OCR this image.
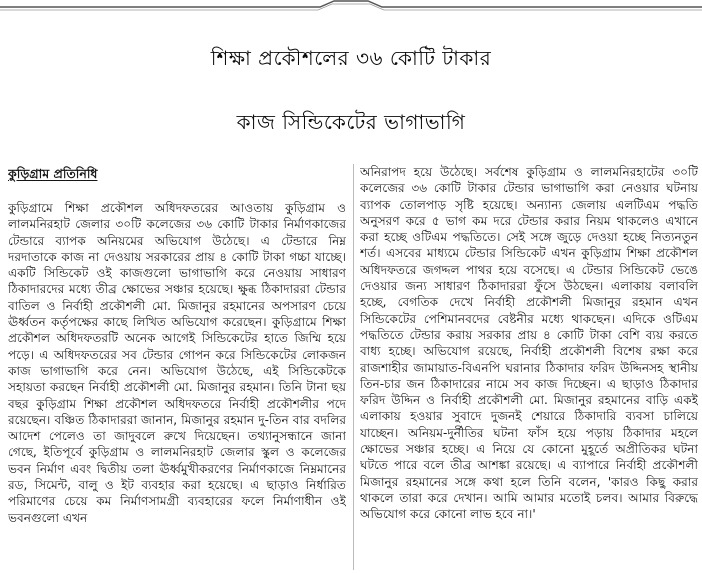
শিক্ষা প্রকৌশলের ৩৬ কোটি টাকার
কাজ সিন্ডিকেটের ভাগাভাগি
কুড়িগ্রাম প্রতিনিধি

কুড়িগ্রামে শিক্ষা প্রকৌশল অধিদফতরের আওতায় কুড়িগ্রাম ও লালমনিরহাট জেলার ৩০টি কলেজের ৩৬ কোটি টাকার নির্মাণকাজের টেন্ডারে ব্যাপক অনিয়মের অভিযোগ উঠেছে। এ টেন্ডারে নিম্ন দরদাতাকে কাজ না দেওয়ায় সরকারের প্রায় ৪ কোটি টাকা গচ্চা যাচ্ছে। একটি সিন্ডিকেট ওই কাজগুলো ভাগাভাগি করে নেওয়ায় সাধারণ ঠিকাদারদের মধ্যে তীব্র ক্ষোভের সঞ্চার হয়েছে। ক্ষুব্ধ ঠিকাদাররা টেন্ডার বাতিল ও নির্বাহী প্রকৌশলী মো. মিজানুর রহমানের অপসারণ চেয়ে ঊর্ধ্বতন কর্তৃপক্ষের কাছে লিখিত অভিযোগ করেছেন। কুড়িগ্রামে শিক্ষা প্রকৌশল অধিদফতরটি অনেক আগেই সিন্ডিকেটের হাতে জিম্মি হয়ে পড়ে। এ অধিদফতরের সব টেন্ডার গোপন করে সিন্ডিকেটের লোকজন কাজ ভাগাভাগি করে নেন। অভিযোগ উঠেছে, এই সিন্ডিকেটকে সহায়তা করছেন নির্বাহী প্রকৌশলী মো. মিজানুর রহমান। তিনি টানা ছয় বছর কুড়িগ্রাম শিক্ষা প্রকৌশল অধিদফতরে নির্বাহী প্রকৌশলীর পদে রয়েছেন। বঞ্চিত ঠিকাদাররা জানান, মিজানুর রহমান দু-তিন বার বদলির আদেশ পেলেও তা জাদুবলে রুখে দিয়েছেন। তথ্যানুসন্ধানে জানা গেছে, ইতিপূর্বে কুড়িগ্রাম ও লালমনিরহাট জেলার স্কুল ও কলেজের ভবন নির্মাণ এবং দ্বিতীয় তলা ঊর্ধ্বমুখীকরণের নির্মাণকাজে নিম্নমানের রড, সিমেন্ট, বালু ও ইট ব্যবহার করা হয়েছে। এ ছাড়াও নির্ধারিত পরিমাণের চেয়ে কম নির্মাণসামগ্রী ব্যবহারের ফলে নির্মাণাধীন ওই ভবনগুলো এখন

অনিরাপদ হয়ে উঠেছে। সর্বশেষ কুড়িগ্রাম ও লালমনিরহাটের ৩০টি কলেজের ৩৬ কোটি টাকার টেন্ডার ভাগাভাগি করা নেওয়ার ঘটনায় ব্যাপক তোলপাড় সৃষ্টি হয়েছে। অন্যান্য জেলায় এলটিএম পদ্ধতি অনুসরণ করে ৫ ভাগ কম দরে টেন্ডার করার নিয়ম থাকলেও এখানে করা হচ্ছে ওটিএম পদ্ধতিতে। সেই সঙ্গে জুড়ে দেওয়া হচ্ছে নিত্যনতুন শর্ত। এসবের মাধ্যমে টেন্ডার সিন্ডিকেট এখন কুড়িগ্রাম শিক্ষা প্রকৌশল অধিদফতরে জগদ্দল পাথর হয়ে বসেছে। এ টেন্ডার সিন্ডিকেট ভেঙে দেওয়ার জন্য সাধারণ ঠিকাদাররা ফুঁসে উঠছেন। এলাকায় বলাবলি হচ্ছে, বেগতিক দেখে নির্বাহী প্রকৌশলী মিজানুর রহমান এখন সিন্ডিকেটের পেশিমানবদের বেষ্টনীর মধ্যে থাকছেন। এদিকে ওটিএম পদ্ধতিতে টেন্ডার করায় সরকার প্রায় ৪ কোটি টাকা বেশি ব্যয় করতে বাধ্য হচ্ছে। অভিযোগ রয়েছে, নির্বাহী প্রকৌশলী বিশেষ রক্ষা করে রাজশাহীর জামায়াত-বিএনপি ঘরানার ঠিকাদার ফরিদ উদ্দিনসহ স্থানীয় তিন-চার জন ঠিকাদারের নামে সব কাজ দিচ্ছেন। এ ছাড়াও ঠিকাদার ফরিদ উদ্দিন ও নির্বাহী প্রকৌশলী মো. মিজানুর রহমানের বাড়ি একই এলাকায় হওয়ার সুবাদে দুজনই শেয়ারে ঠিকাদারি ব্যবসা চালিয়ে যাচ্ছেন। অনিয়ম-দুর্নীতির ঘটনা ফাঁস হয়ে পড়ায় ঠিকাদার মহলে ক্ষোভের সঞ্চার হচ্ছে। এ নিয়ে যে কোনো মুহূর্তে অপ্রীতিকর ঘটনা ঘটতে পারে বলে তীব্র আশঙ্কা রয়েছে। এ ব্যাপারে নির্বাহী প্রকৌশলী মিজানুর রহমানের সঙ্গে কথা হলে তিনি বলেন, 'কারও কিছু করার থাকলে তারা করে দেখান। আমি আমার মতোই চলব। আমার বিরুদ্ধে অভিযোগ করে কোনো লাভ হবে না।'
